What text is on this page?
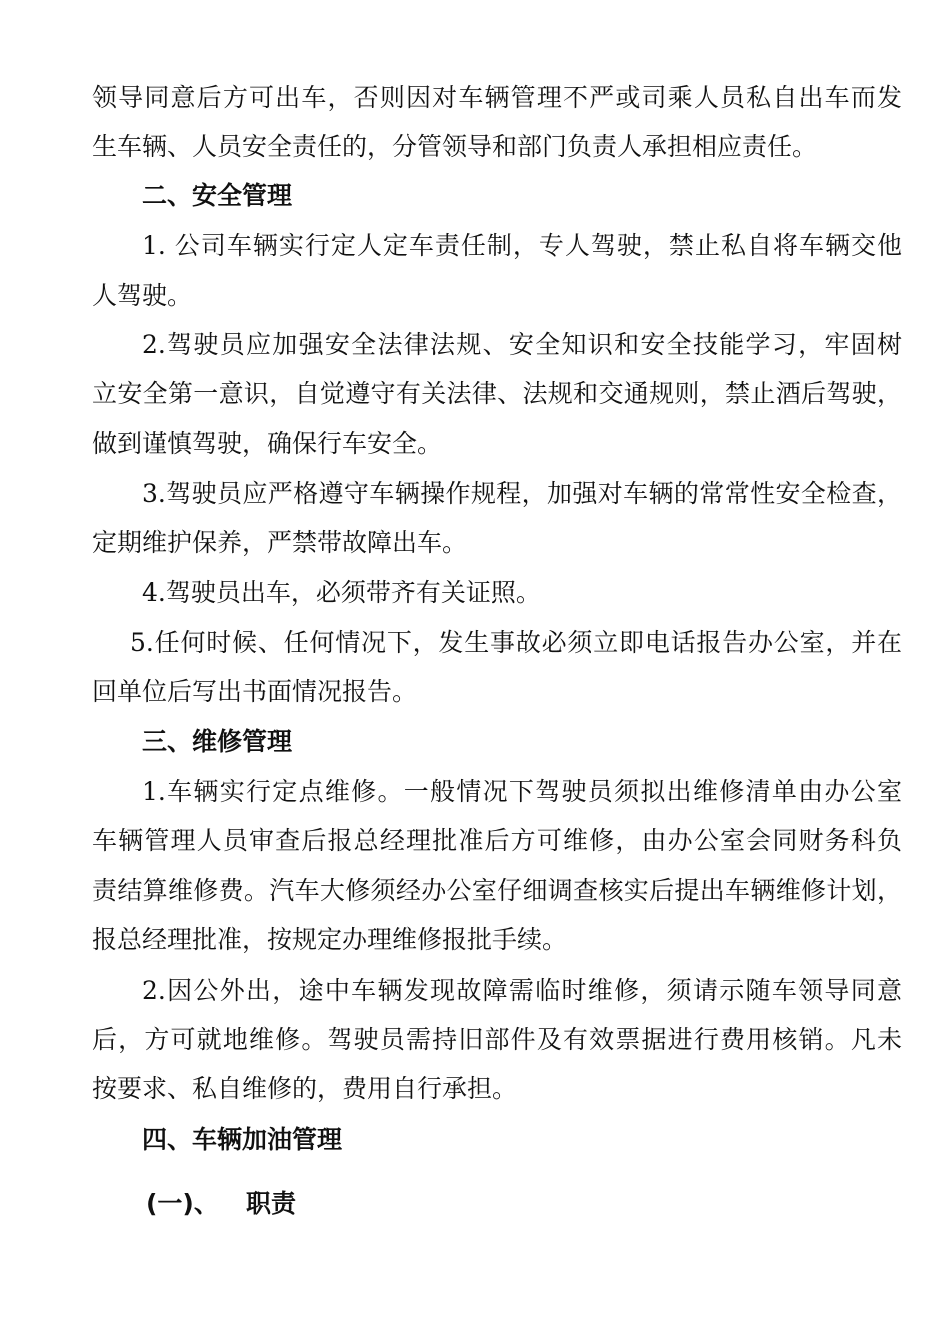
领导同意后方可出车，否则因对车辆管理不严或司乘人员私自出车而发
生车辆、人员安全责任的，分管领导和部门负责人承担相应责任。
二、安全管理
1. 公司车辆实行定人定车责任制，专人驾驶，禁止私自将车辆交他
人驾驶。
2.驾驶员应加强安全法律法规、安全知识和安全技能学习，牢固树
立安全第一意识，自觉遵守有关法律、法规和交通规则，禁止酒后驾驶，
做到谨慎驾驶，确保行车安全。
3.驾驶员应严格遵守车辆操作规程，加强对车辆的常常性安全检查，
定期维护保养，严禁带故障出车。
4.驾驶员出车，必须带齐有关证照。
5.任何时候、任何情况下，发生事故必须立即电话报告办公室，并在
回单位后写出书面情况报告。
三、维修管理
1.车辆实行定点维修。一般情况下驾驶员须拟出维修清单由办公室
车辆管理人员审查后报总经理批准后方可维修，由办公室会同财务科负
责结算维修费。汽车大修须经办公室仔细调查核实后提出车辆维修计划，
报总经理批准，按规定办理维修报批手续。
2.因公外出，途中车辆发现故障需临时维修，须请示随车领导同意
后，方可就地维修。驾驶员需持旧部件及有效票据进行费用核销。凡未
按要求、私自维修的，费用自行承担。
四、车辆加油管理
(一)、 职责
